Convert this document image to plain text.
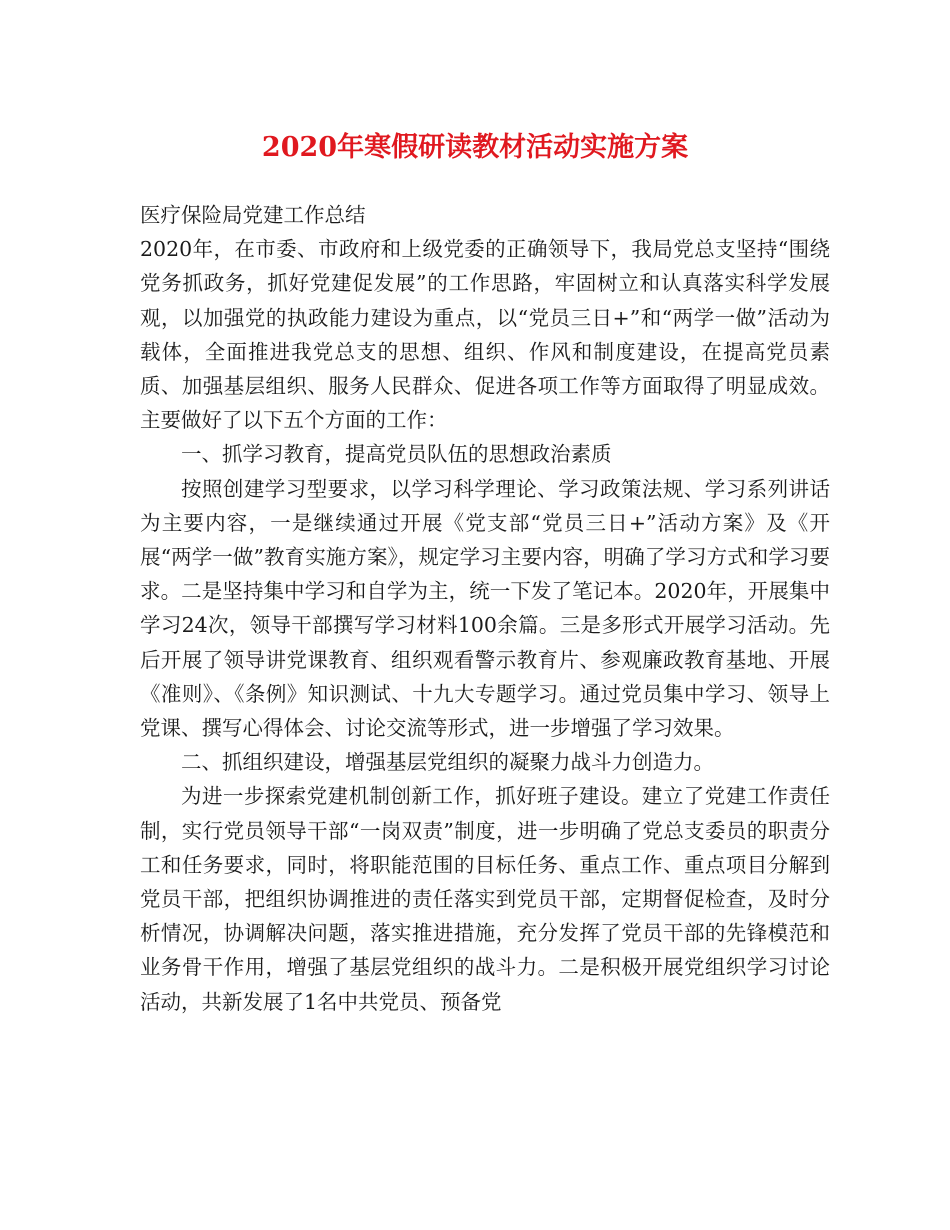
2020年寒假研读教材活动实施方案

医疗保险局党建工作总结

2020年，在市委、市政府和上级党委的正确领导下，我局党总支坚持“围绕党务抓政务，抓好党建促发展”的工作思路，牢固树立和认真落实科学发展观，以加强党的执政能力建设为重点，以“党员三日+”和“两学一做”活动为载体，全面推进我党总支的思想、组织、作风和制度建设，在提高党员素质、加强基层组织、服务人民群众、促进各项工作等方面取得了明显成效。主要做好了以下五个方面的工作：

一、抓学习教育，提高党员队伍的思想政治素质

按照创建学习型要求，以学习科学理论、学习政策法规、学习系列讲话为主要内容，一是继续通过开展《党支部“党员三日+”活动方案》及《开展“两学一做”教育实施方案》，规定学习主要内容，明确了学习方式和学习要求。二是坚持集中学习和自学为主，统一下发了笔记本。2020年，开展集中学习24次，领导干部撰写学习材料100余篇。三是多形式开展学习活动。先后开展了领导讲党课教育、组织观看警示教育片、参观廉政教育基地、开展《准则》、《条例》知识测试、十九大专题学习。通过党员集中学习、领导上党课、撰写心得体会、讨论交流等形式，进一步增强了学习效果。

二、抓组织建设，增强基层党组织的凝聚力战斗力创造力。

为进一步探索党建机制创新工作，抓好班子建设。建立了党建工作责任制，实行党员领导干部“一岗双责”制度，进一步明确了党总支委员的职责分工和任务要求，同时，将职能范围的目标任务、重点工作、重点项目分解到党员干部，把组织协调推进的责任落实到党员干部，定期督促检查，及时分析情况，协调解决问题，落实推进措施，充分发挥了党员干部的先锋模范和业务骨干作用，增强了基层党组织的战斗力。二是积极开展党组织学习讨论活动，共新发展了1名中共党员、预备党
